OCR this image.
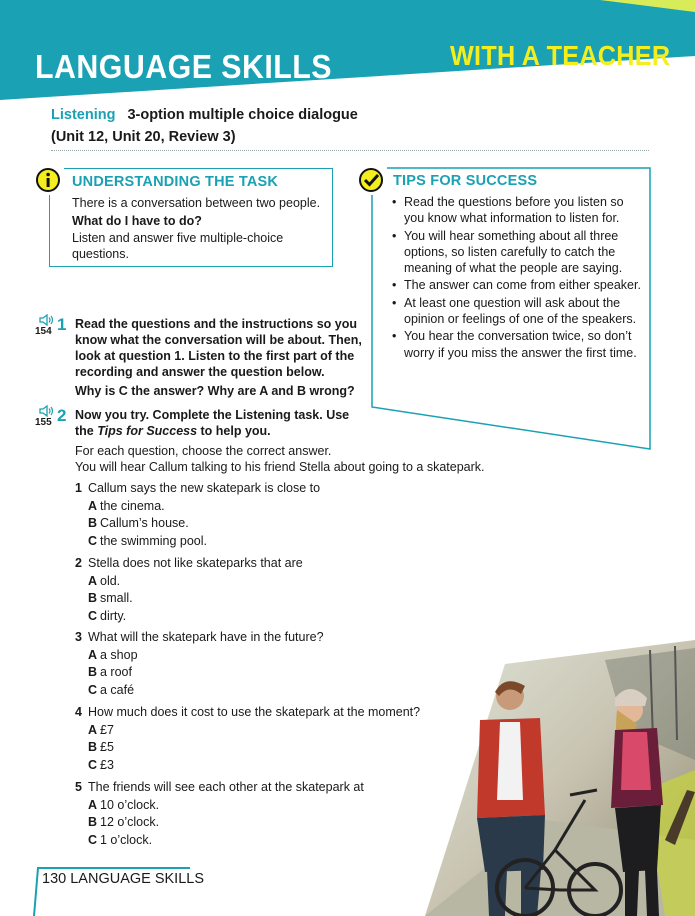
LANGUAGE SKILLS	WITH A TEACHER
Listening 3-option multiple choice dialogue
(Unit 12, Unit 20, Review 3)
UNDERSTANDING THE TASK
There is a conversation between two people.
What do I have to do?
Listen and answer five multiple-choice questions.
TIPS FOR SUCCESS
• Read the questions before you listen so you know what information to listen for.
• You will hear something about all three options, so listen carefully to catch the meaning of what the people are saying.
• The answer can come from either speaker.
• At least one question will ask about the opinion or feelings of one of the speakers.
• You hear the conversation twice, so don’t worry if you miss the answer the first time.
154 1 Read the questions and the instructions so you know what the conversation will be about. Then, look at question 1. Listen to the first part of the recording and answer the question below.
Why is C the answer? Why are A and B wrong?
155 2 Now you try. Complete the Listening task. Use the Tips for Success to help you.
For each question, choose the correct answer.
You will hear Callum talking to his friend Stella about going to a skatepark.
1 Callum says the new skatepark is close to
A the cinema.
B Callum’s house.
C the swimming pool.
2 Stella does not like skateparks that are
A old.
B small.
C dirty.
3 What will the skatepark have in the future?
A a shop
B a roof
C a café
4 How much does it cost to use the skatepark at the moment?
A £7
B £5
C £3
5 The friends will see each other at the skatepark at
A 10 o’clock.
B 12 o’clock.
C 1 o’clock.
130 LANGUAGE SKILLS
